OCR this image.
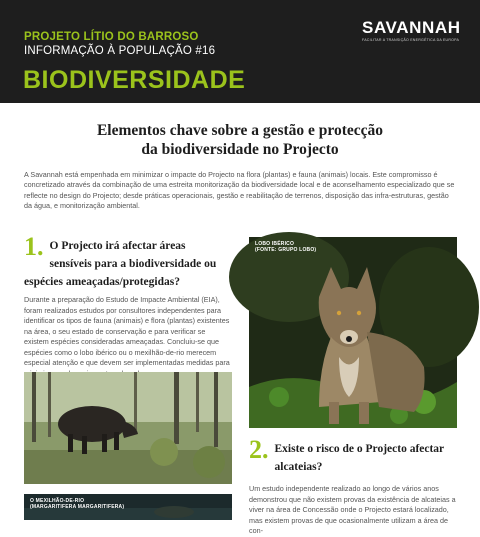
PROJETO LÍTIO DO BARROSO
INFORMAÇÃO À POPULAÇÃO #16
BIODIVERSIDADE
SAVANNAH
FACILITAR A TRANSIÇÃO ENERGÉTICA DA EUROPA
Elementos chave sobre a gestão e protecção
da biodiversidade no Projecto

A Savannah está empenhada em minimizar o impacte do Projecto na flora (plantas) e fauna (animais) locais. Este compromisso é concretizado através da combinação de uma estreita monitorização da biodiversidade local e de aconselhamento especializado que se reflecte no design do Projecto; desde práticas operacionais, gestão e reabilitação de terrenos, disposição das infra-estruturas, gestão da água, e monitorização ambiental.

1. O Projecto irá afectar áreas sensíveis para a biodiversidade ou espécies ameaçadas/protegidas?

Durante a preparação do Estudo de Impacte Ambiental (EIA), foram realizados estudos por consultores independentes para identificar os tipos de fauna (animais) e flora (plantas) existentes na área, o seu estado de conservação e para verificar se existem espécies consideradas ameaçadas. Concluiu-se que espécies como o lobo ibérico ou o mexilhão-de-rio merecem especial atenção e que devem ser implementadas medidas para

LOBO IBÉRICO
(FONTE: GRUPO LOBO)
O MEXILHÃO-DE-RIO
(MARGARITIFERA MARGARITIFERA)
2. Existe o risco de o Projecto afectar alcateias?

Um estudo independente realizado ao longo de vários anos demonstrou que não existem provas da existência de alcateias a viver na área de Concessão onde o Projecto estará localizado, mas existem provas de que ocasionalmente utilizam a área de con-
